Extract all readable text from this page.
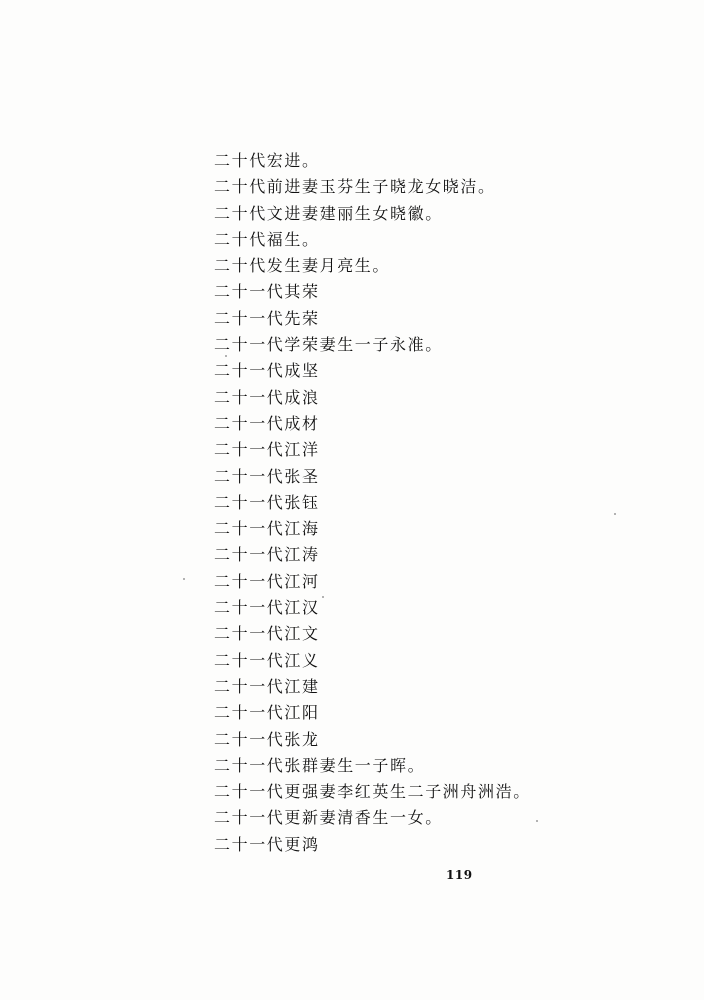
二十代宏进。
二十代前进妻玉芬生子晓龙女晓洁。
二十代文进妻建丽生女晓徽。
二十代福生。
二十代发生妻月亮生。
二十一代其荣
二十一代先荣
二十一代学荣妻生一子永准。
二十一代成坚
二十一代成浪
二十一代成材
二十一代江洋
二十一代张圣
二十一代张钰
二十一代江海
二十一代江涛
二十一代江河
二十一代江汉
二十一代江文
二十一代江义
二十一代江建
二十一代江阳
二十一代张龙
二十一代张群妻生一子晖。
二十一代更强妻李红英生二子洲舟洲浩。
二十一代更新妻清香生一女。
二十一代更鸿
119
